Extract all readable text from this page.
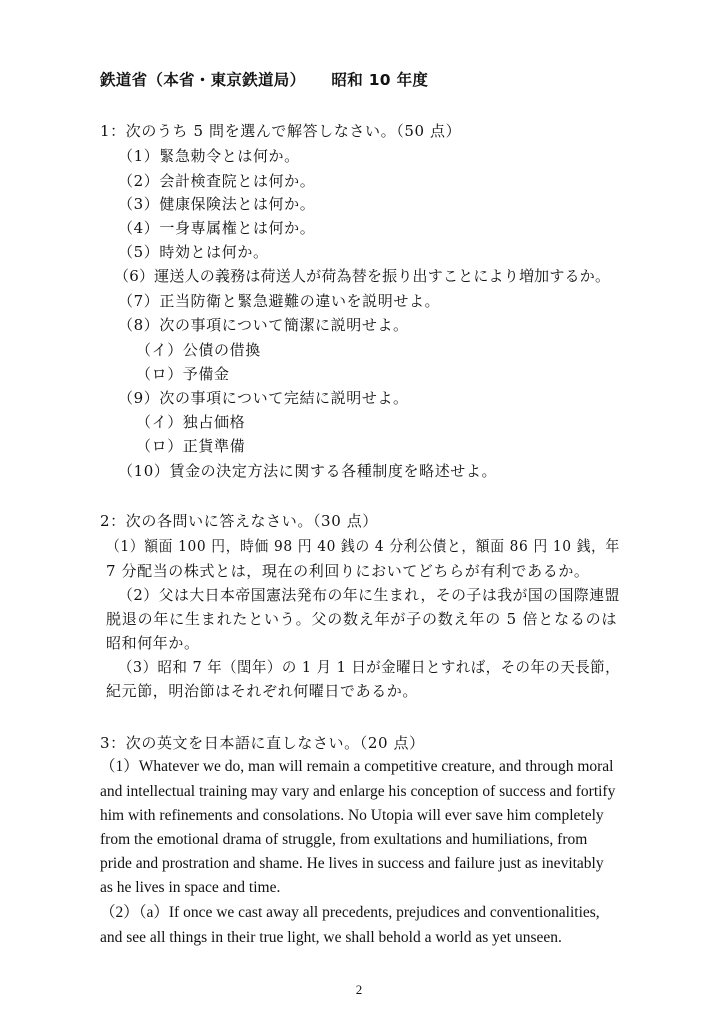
鉄道省（本省・東京鉄道局） 昭和 10 年度
1：次のうち 5 問を選んで解答しなさい。（50 点）
（1）緊急勅令とは何か。
（2）会計検査院とは何か。
（3）健康保険法とは何か。
（4）一身専属権とは何か。
（5）時効とは何か。
（6）運送人の義務は荷送人が荷為替を振り出すことにより増加するか。
（7）正当防衛と緊急避難の違いを説明せよ。
（8）次の事項について簡潔に説明せよ。
（イ）公債の借換
（ロ）予備金
（9）次の事項について完結に説明せよ。
（イ）独占価格
（ロ）正貨準備
（10）賃金の決定方法に関する各種制度を略述せよ。
2：次の各問いに答えなさい。（30 点）
（1）額面 100 円，時価 98 円 40 銭の 4 分利公債と，額面 86 円 10 銭，年
7 分配当の株式とは，現在の利回りにおいてどちらが有利であるか。
（2）父は大日本帝国憲法発布の年に生まれ，その子は我が国の国際連盟
脱退の年に生まれたという。父の数え年が子の数え年の 5 倍となるのは
昭和何年か。
（3）昭和 7 年（閏年）の 1 月 1 日が金曜日とすれば，その年の天長節，
紀元節，明治節はそれぞれ何曜日であるか。
3：次の英文を日本語に直しなさい。（20 点）
（1）Whatever we do, man will remain a competitive creature, and through moral
and intellectual training may vary and enlarge his conception of success and fortify
him with refinements and consolations. No Utopia will ever save him completely
from the emotional drama of struggle, from exultations and humiliations, from
pride and prostration and shame. He lives in success and failure just as inevitably
as he lives in space and time.
（2）（a）If once we cast away all precedents, prejudices and conventionalities,
and see all things in their true light, we shall behold a world as yet unseen.
2
